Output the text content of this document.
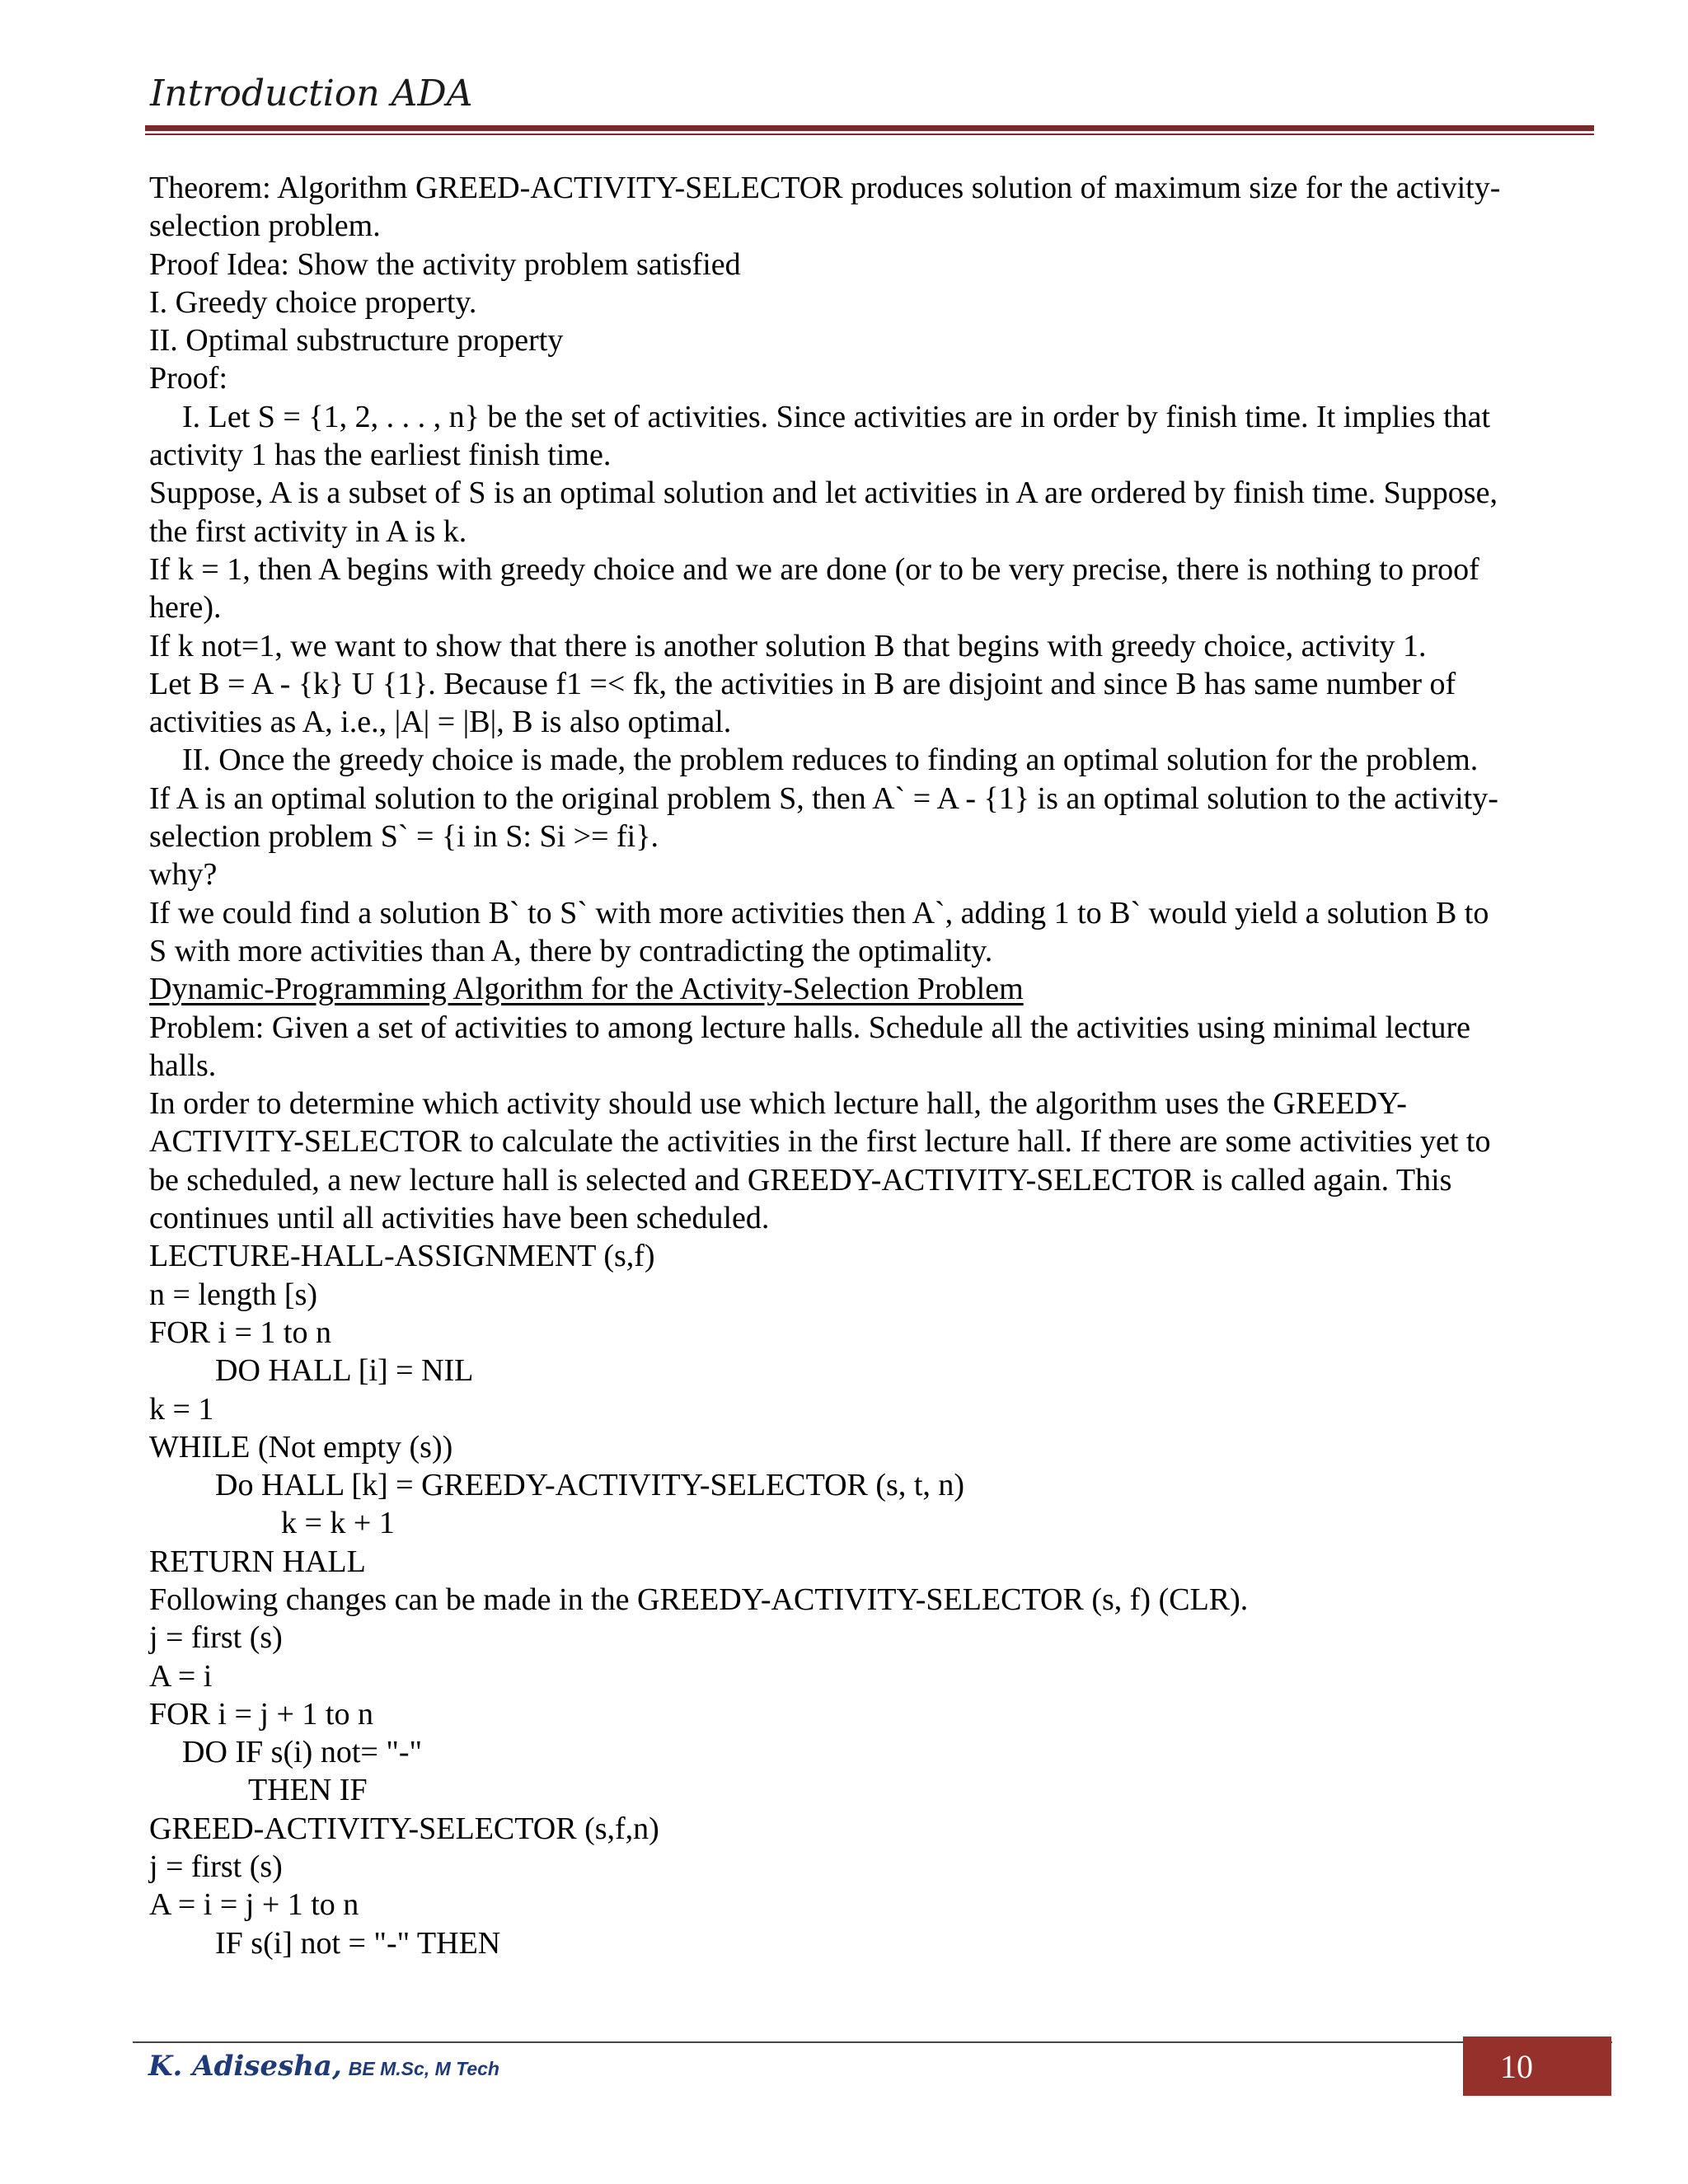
Introduction ADA
Theorem: Algorithm GREED-ACTIVITY-SELECTOR produces solution of maximum size for the activity-
selection problem.
Proof Idea: Show the activity problem satisfied
I. Greedy choice property.
II. Optimal substructure property
Proof:
I. Let S = {1, 2, . . . , n} be the set of activities. Since activities are in order by finish time. It implies that
activity 1 has the earliest finish time.
Suppose, A is a subset of S is an optimal solution and let activities in A are ordered by finish time. Suppose,
the first activity in A is k.
If k = 1, then A begins with greedy choice and we are done (or to be very precise, there is nothing to proof
here).
If k not=1, we want to show that there is another solution B that begins with greedy choice, activity 1.
Let B = A - {k} U {1}. Because f1 =< fk, the activities in B are disjoint and since B has same number of
activities as A, i.e., |A| = |B|, B is also optimal.
II. Once the greedy choice is made, the problem reduces to finding an optimal solution for the problem.
If A is an optimal solution to the original problem S, then A` = A - {1} is an optimal solution to the activity-
selection problem S` = {i in S: Si >= fi}.
why?
If we could find a solution B` to S` with more activities then A`, adding 1 to B` would yield a solution B to
S with more activities than A, there by contradicting the optimality.
Dynamic-Programming Algorithm for the Activity-Selection Problem
Problem: Given a set of activities to among lecture halls. Schedule all the activities using minimal lecture
halls.
In order to determine which activity should use which lecture hall, the algorithm uses the GREEDY-
ACTIVITY-SELECTOR to calculate the activities in the first lecture hall. If there are some activities yet to
be scheduled, a new lecture hall is selected and GREEDY-ACTIVITY-SELECTOR is called again. This
continues until all activities have been scheduled.
LECTURE-HALL-ASSIGNMENT (s,f)
n = length [s)
FOR i = 1 to n
DO HALL [i] = NIL
k = 1
WHILE (Not empty (s))
Do HALL [k] = GREEDY-ACTIVITY-SELECTOR (s, t, n)
k = k + 1
RETURN HALL
Following changes can be made in the GREEDY-ACTIVITY-SELECTOR (s, f) (CLR).
j = first (s)
A = i
FOR i = j + 1 to n
DO IF s(i) not= "-"
THEN IF
GREED-ACTIVITY-SELECTOR (s,f,n)
j = first (s)
A = i = j + 1 to n
IF s(i] not = "-" THEN
K. Adisesha, BE M.Sc, M Tech	10
